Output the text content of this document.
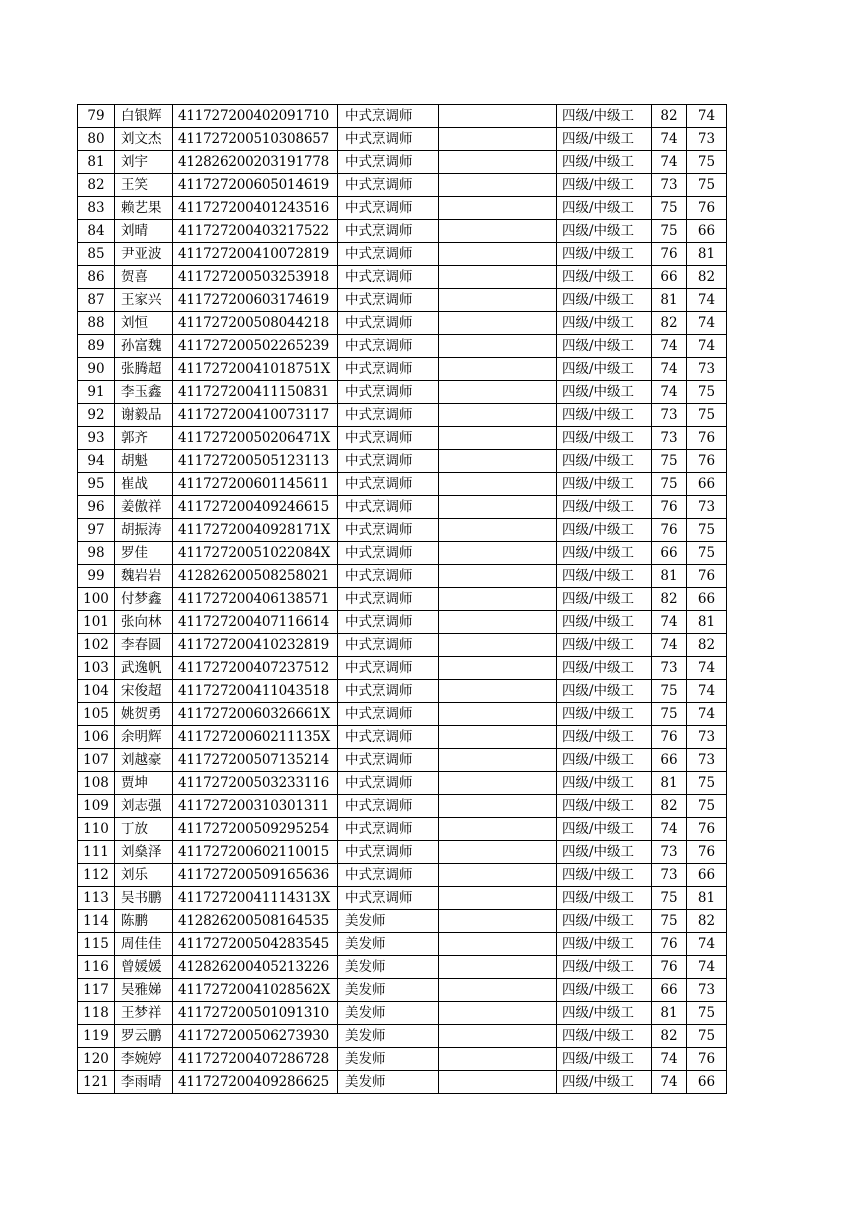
79	白银辉	411727200402091710	中式烹调师		四级/中级工	82	74
80	刘文杰	411727200510308657	中式烹调师		四级/中级工	74	73
81	刘宇	412826200203191778	中式烹调师		四级/中级工	74	75
82	王笑	411727200605014619	中式烹调师		四级/中级工	73	75
83	赖艺果	411727200401243516	中式烹调师		四级/中级工	75	76
84	刘晴	411727200403217522	中式烹调师		四级/中级工	75	66
85	尹亚波	411727200410072819	中式烹调师		四级/中级工	76	81
86	贺喜	411727200503253918	中式烹调师		四级/中级工	66	82
87	王家兴	411727200603174619	中式烹调师		四级/中级工	81	74
88	刘恒	411727200508044218	中式烹调师		四级/中级工	82	74
89	孙富魏	411727200502265239	中式烹调师		四级/中级工	74	74
90	张腾超	41172720041018751X	中式烹调师		四级/中级工	74	73
91	李玉鑫	411727200411150831	中式烹调师		四级/中级工	74	75
92	谢毅品	411727200410073117	中式烹调师		四级/中级工	73	75
93	郭齐	41172720050206471X	中式烹调师		四级/中级工	73	76
94	胡魁	411727200505123113	中式烹调师		四级/中级工	75	76
95	崔战	411727200601145611	中式烹调师		四级/中级工	75	66
96	姜傲祥	411727200409246615	中式烹调师		四级/中级工	76	73
97	胡振涛	41172720040928171X	中式烹调师		四级/中级工	76	75
98	罗佳	41172720051022084X	中式烹调师		四级/中级工	66	75
99	魏岩岩	412826200508258021	中式烹调师		四级/中级工	81	76
100	付梦鑫	411727200406138571	中式烹调师		四级/中级工	82	66
101	张向林	411727200407116614	中式烹调师		四级/中级工	74	81
102	李春圆	411727200410232819	中式烹调师		四级/中级工	74	82
103	武逸帆	411727200407237512	中式烹调师		四级/中级工	73	74
104	宋俊超	411727200411043518	中式烹调师		四级/中级工	75	74
105	姚贺勇	41172720060326661X	中式烹调师		四级/中级工	75	74
106	余明辉	41172720060211135X	中式烹调师		四级/中级工	76	73
107	刘越豪	411727200507135214	中式烹调师		四级/中级工	66	73
108	贾坤	411727200503233116	中式烹调师		四级/中级工	81	75
109	刘志强	411727200310301311	中式烹调师		四级/中级工	82	75
110	丁放	411727200509295254	中式烹调师		四级/中级工	74	76
111	刘燊泽	411727200602110015	中式烹调师		四级/中级工	73	76
112	刘乐	411727200509165636	中式烹调师		四级/中级工	73	66
113	吴书鹏	41172720041114313X	中式烹调师		四级/中级工	75	81
114	陈鹏	412826200508164535	美发师		四级/中级工	75	82
115	周佳佳	411727200504283545	美发师		四级/中级工	76	74
116	曾媛媛	412826200405213226	美发师		四级/中级工	76	74
117	吴雅娣	41172720041028562X	美发师		四级/中级工	66	73
118	王梦祥	411727200501091310	美发师		四级/中级工	81	75
119	罗云鹏	411727200506273930	美发师		四级/中级工	82	75
120	李婉婷	411727200407286728	美发师		四级/中级工	74	76
121	李雨晴	411727200409286625	美发师		四级/中级工	74	66
